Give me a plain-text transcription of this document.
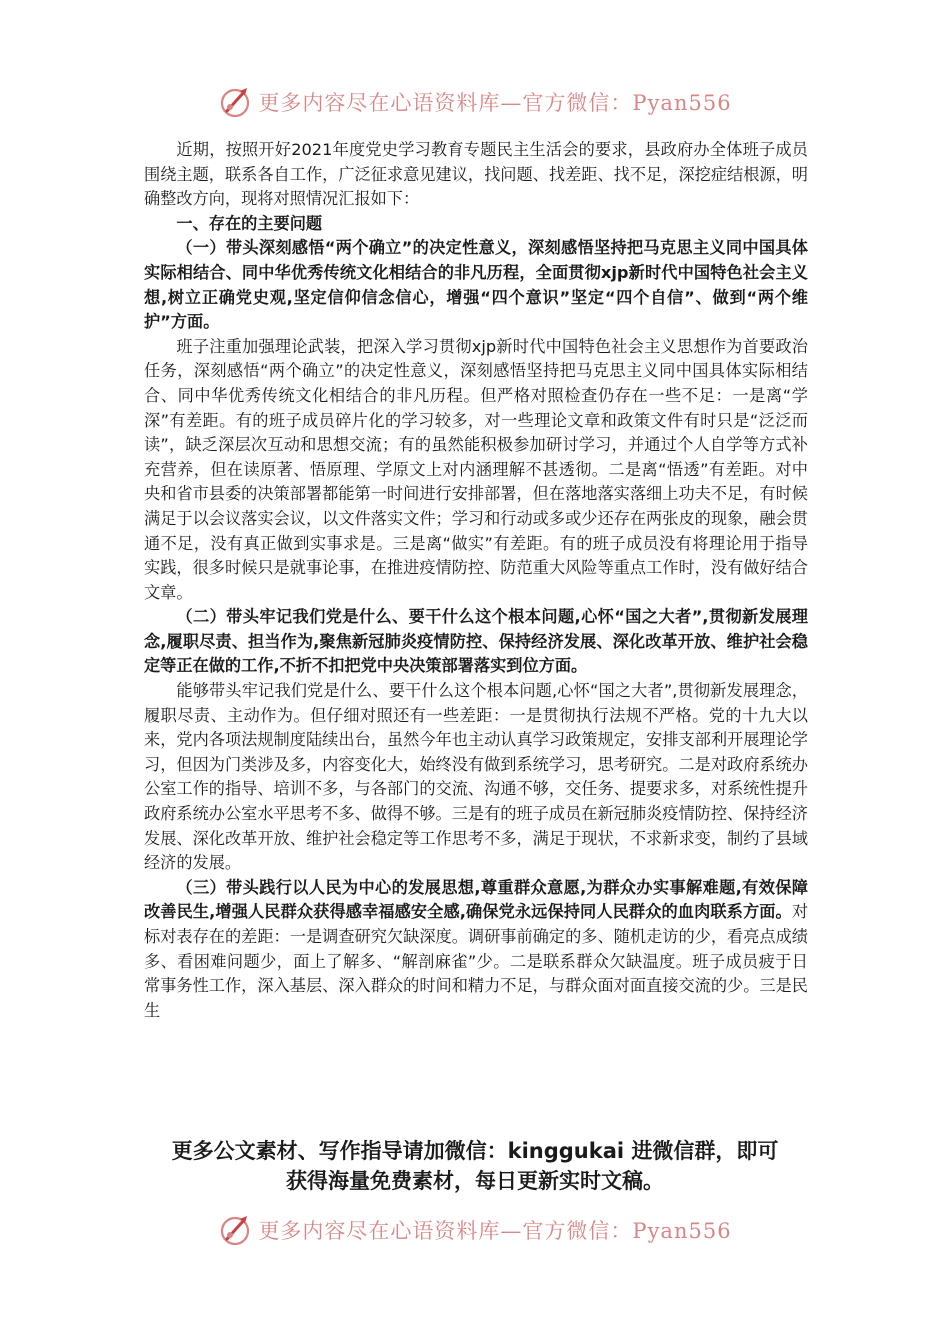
更多内容尽在心语资料库—官方微信：Pyan556

近期，按照开好2021年度党史学习教育专题民主生活会的要求，县政府办全体班子成员围绕主题，联系各自工作，广泛征求意见建议，找问题、找差距、找不足，深挖症结根源，明确整改方向，现将对照情况汇报如下：

一、存在的主要问题

（一）带头深刻感悟“两个确立”的决定性意义，深刻感悟坚持把马克思主义同中国具体实际相结合、同中华优秀传统文化相结合的非凡历程，全面贯彻xjp新时代中国特色社会主义想,树立正确党史观,坚定信仰信念信心，增强“四个意识”坚定“四个自信”、做到“两个维护”方面。

班子注重加强理论武装，把深入学习贯彻xjp新时代中国特色社会主义思想作为首要政治任务，深刻感悟“两个确立”的决定性意义，深刻感悟坚持把马克思主义同中国具体实际相结合、同中华优秀传统文化相结合的非凡历程。但严格对照检查仍存在一些不足：一是离“学深”有差距。有的班子成员碎片化的学习较多，对一些理论文章和政策文件有时只是“泛泛而读”，缺乏深层次互动和思想交流；有的虽然能积极参加研讨学习，并通过个人自学等方式补充营养，但在读原著、悟原理、学原文上对内涵理解不甚透彻。二是离“悟透”有差距。对中央和省市县委的决策部署都能第一时间进行安排部署，但在落地落实落细上功夫不足，有时候满足于以会议落实会议，以文件落实文件；学习和行动或多或少还存在两张皮的现象，融会贯通不足，没有真正做到实事求是。三是离“做实”有差距。有的班子成员没有将理论用于指导实践，很多时候只是就事论事，在推进疫情防控、防范重大风险等重点工作时，没有做好结合文章。

（二）带头牢记我们党是什么、要干什么这个根本问题,心怀“国之大者”,贯彻新发展理念,履职尽责、担当作为,聚焦新冠肺炎疫情防控、保持经济发展、深化改革开放、维护社会稳定等正在做的工作,不折不扣把党中央决策部署落实到位方面。

能够带头牢记我们党是什么、要干什么这个根本问题,心怀“国之大者”,贯彻新发展理念，履职尽责、主动作为。但仔细对照还有一些差距：一是贯彻执行法规不严格。党的十九大以来，党内各项法规制度陆续出台，虽然今年也主动认真学习政策规定，安排支部利开展理论学习，但因为门类涉及多，内容变化大，始终没有做到系统学习，思考研究。二是对政府系统办公室工作的指导、培训不多，与各部门的交流、沟通不够，交任务、提要求多，对系统性提升政府系统办公室水平思考不多、做得不够。三是有的班子成员在新冠肺炎疫情防控、保持经济发展、深化改革开放、维护社会稳定等工作思考不多，满足于现状，不求新求变，制约了县域经济的发展。

（三）带头践行以人民为中心的发展思想,尊重群众意愿,为群众办实事解难题,有效保障改善民生,增强人民群众获得感幸福感安全感,确保党永远保持同人民群众的血肉联系方面。对标对表存在的差距：一是调查研究欠缺深度。调研事前确定的多、随机走访的少，看亮点成绩多、看困难问题少，面上了解多、“解剖麻雀”少。二是联系群众欠缺温度。班子成员疲于日常事务性工作，深入基层、深入群众的时间和精力不足，与群众面对面直接交流的少。三是民生

更多公文素材、写作指导请加微信：kinggukai 进微信群，即可

获得海量免费素材，每日更新实时文稿。

更多内容尽在心语资料库—官方微信：Pyan556
